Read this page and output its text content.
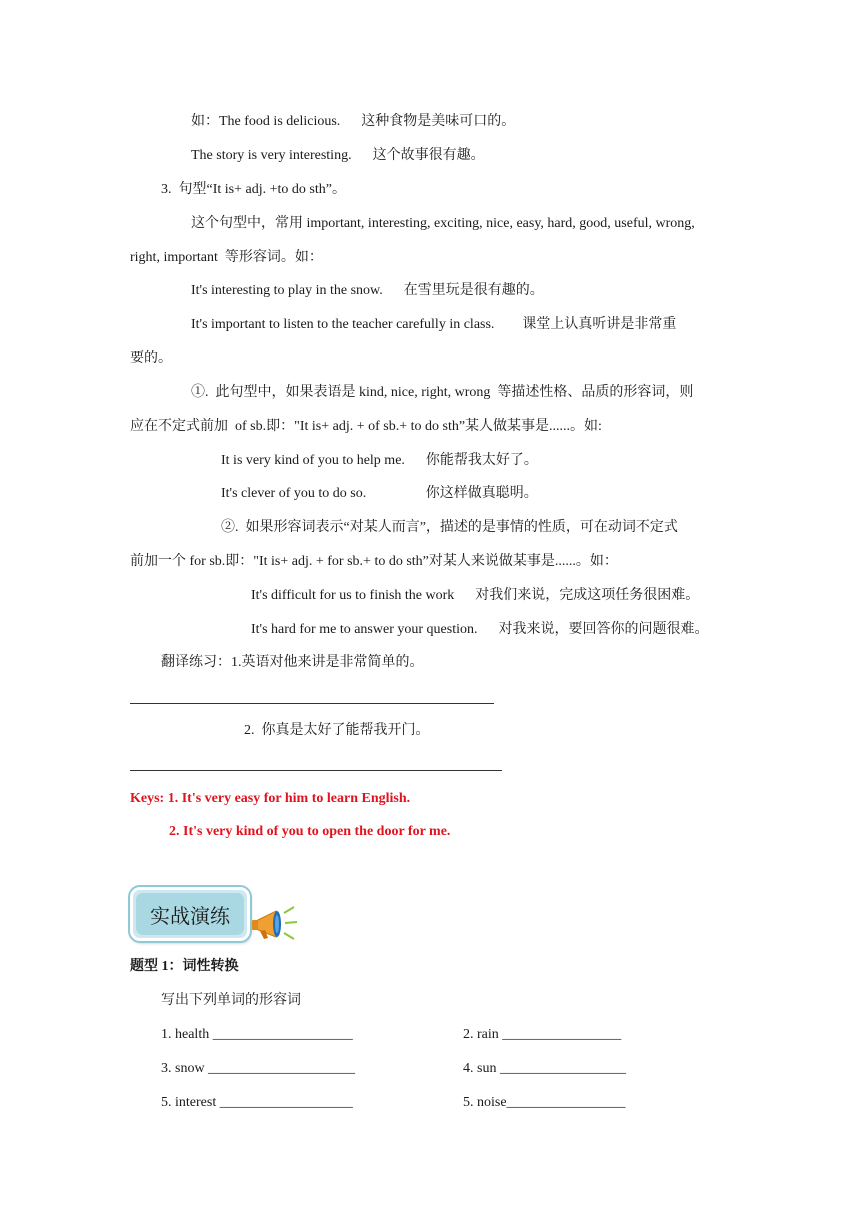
如：The food is delicious.      这种食物是美味可口的。
The story is very interesting.      这个故事很有趣。
3.  句型“It is+ adj. +to do sth”。
这个句型中，常用 important, interesting, exciting, nice, easy, hard, good, useful, wrong,
right, important  等形容词。如：
It's interesting to play in the snow.      在雪里玩是很有趣的。
It's important to listen to the teacher carefully in class.        课堂上认真听讲是非常重
要的。
①.  此句型中，如果表语是 kind, nice, right, wrong  等描述性格、品质的形容词，则
应在不定式前加  of sb.即："It is+ adj. + of sb.+ to do sth”某人做某事是......。如:
It is very kind of you to help me.      你能帮我太好了。
It's clever of you to do so.                 你这样做真聪明。
②.  如果形容词表示“对某人而言”，描述的是事情的性质，可在动词不定式
前加一个 for sb.即："It is+ adj. + for sb.+ to do sth”对某人来说做某事是......。如：
It's difficult for us to finish the work      对我们来说，完成这项任务很困难。
It's hard for me to answer your question.      对我来说，要回答你的问题很难。
翻译练习：1.英语对他来讲是非常简单的。
2.  你真是太好了能帮我开门。
Keys: 1. It's very easy for him to learn English.
2. It's very kind of you to open the door for me.
实战演练
题型 1：词性转换
写出下列单词的形容词
1. health ____________________	2. rain _________________
3. snow _____________________	4. sun __________________
5. interest ___________________	5. noise_________________
